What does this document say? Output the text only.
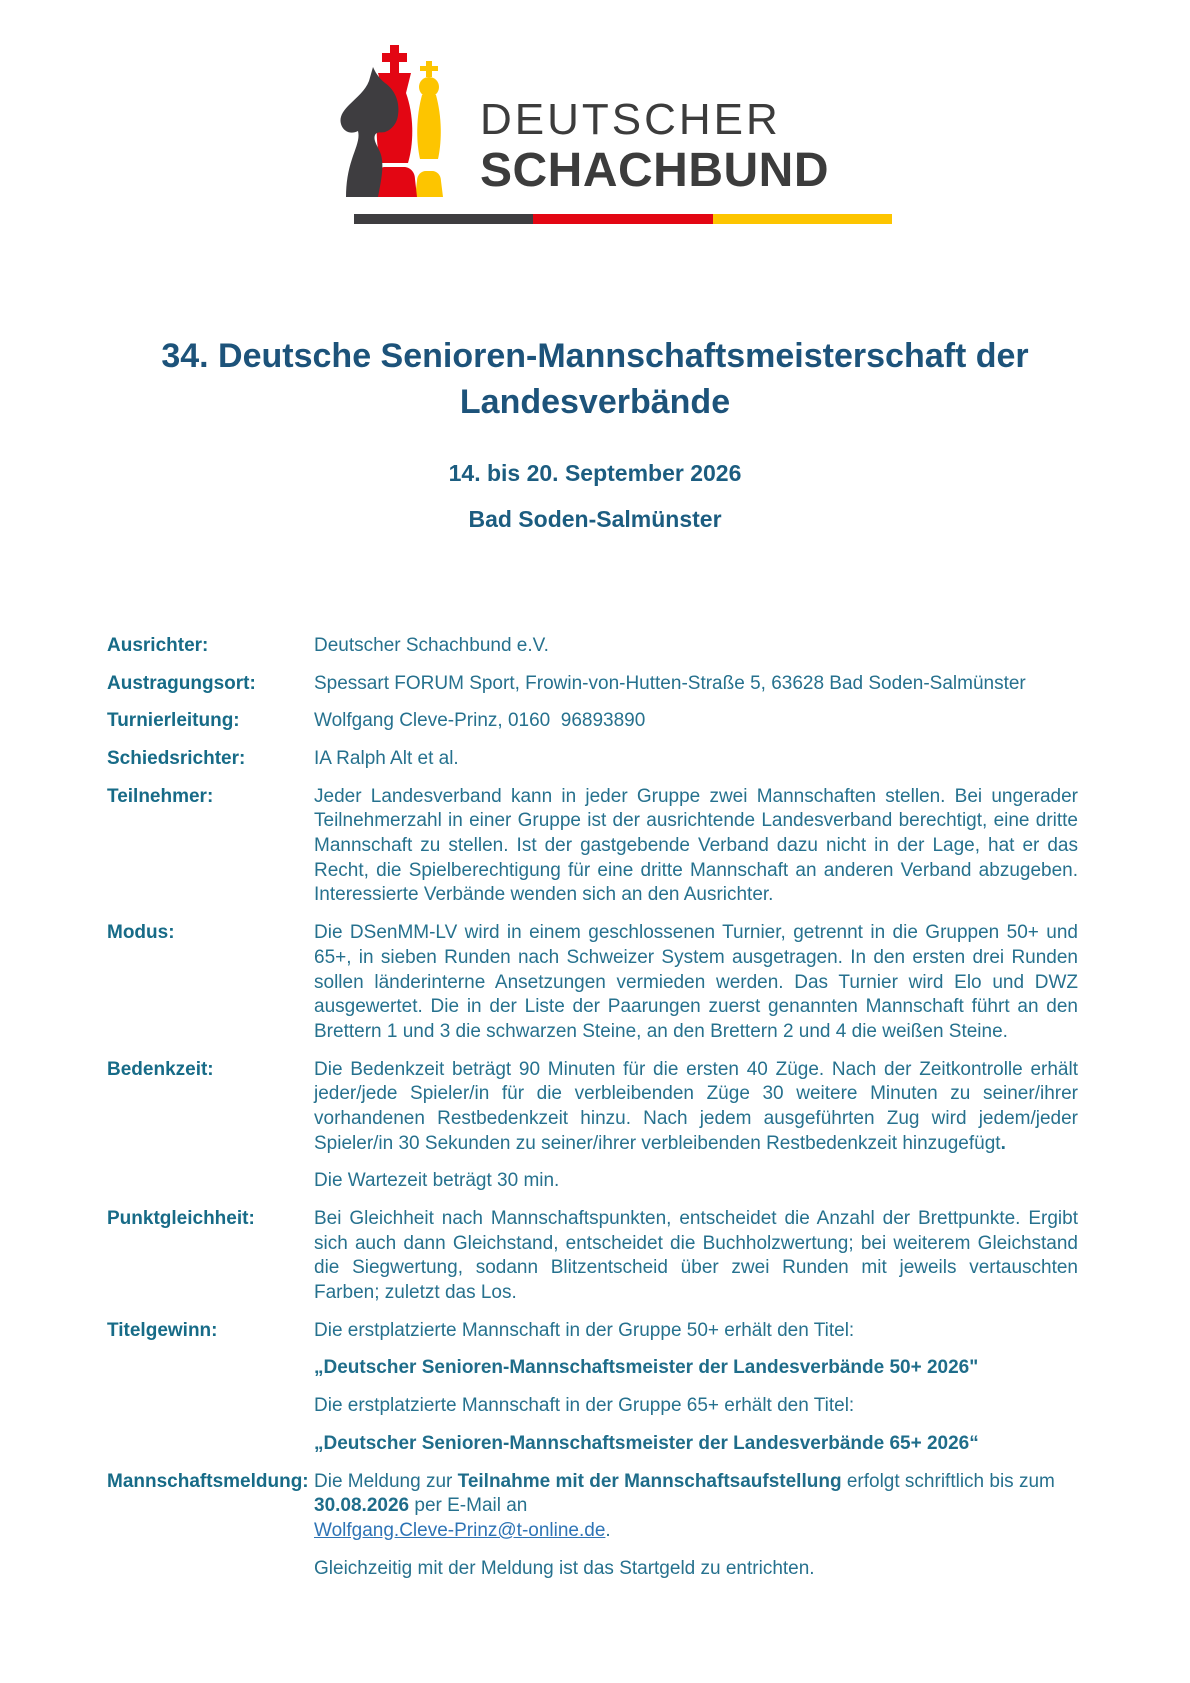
DEUTSCHER
SCHACHBUND
34. Deutsche Senioren-Mannschaftsmeisterschaft der Landesverbände
14. bis 20. September 2026
Bad Soden-Salmünster
Ausrichter:	Deutscher Schachbund e.V.

Austragungsort:	Spessart FORUM Sport, Frowin-von-Hutten-Straße 5, 63628 Bad Soden-Salmünster

Turnierleitung:	Wolfgang Cleve-Prinz, 0160  96893890

Schiedsrichter:	IA Ralph Alt et al.

Teilnehmer:	Jeder Landesverband kann in jeder Gruppe zwei Mannschaften stellen. Bei ungerader Teilnehmerzahl in einer Gruppe ist der ausrichtende Landesverband berechtigt, eine dritte Mannschaft zu stellen. Ist der gastgebende Verband dazu nicht in der Lage, hat er das Recht, die Spielberechtigung für eine dritte Mannschaft an anderen Verband abzugeben. Interessierte Verbände wenden sich an den Ausrichter.

Modus:	Die DSenMM-LV wird in einem geschlossenen Turnier, getrennt in die Gruppen 50+ und 65+, in sieben Runden nach Schweizer System ausgetragen. In den ersten drei Runden sollen länderinterne Ansetzungen vermieden werden. Das Turnier wird Elo und DWZ ausgewertet. Die in der Liste der Paarungen zuerst genannten Mannschaft führt an den Brettern 1 und 3 die schwarzen Steine, an den Brettern 2 und 4 die weißen Steine.

Bedenkzeit:	Die Bedenkzeit beträgt 90 Minuten für die ersten 40 Züge. Nach der Zeitkontrolle erhält jeder/jede Spieler/in für die verbleibenden Züge 30 weitere Minuten zu seiner/ihrer vorhandenen Restbedenkzeit hinzu. Nach jedem ausgeführten Zug wird jedem/jeder Spieler/in 30 Sekunden zu seiner/ihrer verbleibenden Restbedenkzeit hinzugefügt.

Die Wartezeit beträgt 30 min.

Punktgleichheit:	Bei Gleichheit nach Mannschaftspunkten, entscheidet die Anzahl der Brettpunkte. Ergibt sich auch dann Gleichstand, entscheidet die Buchholzwertung; bei weiterem Gleichstand die Siegwertung, sodann Blitzentscheid über zwei Runden mit jeweils vertauschten Farben; zuletzt das Los.

Titelgewinn:	Die erstplatzierte Mannschaft in der Gruppe 50+ erhält den Titel:

„Deutscher Senioren-Mannschaftsmeister der Landesverbände 50+ 2026"

Die erstplatzierte Mannschaft in der Gruppe 65+ erhält den Titel:

„Deutscher Senioren-Mannschaftsmeister der Landesverbände 65+ 2026“

Mannschaftsmeldung: Die Meldung zur Teilnahme mit der Mannschaftsaufstellung erfolgt schriftlich bis zum 30.08.2026 per E-Mail an
Wolfgang.Cleve-Prinz@t-online.de.

Gleichzeitig mit der Meldung ist das Startgeld zu entrichten.
